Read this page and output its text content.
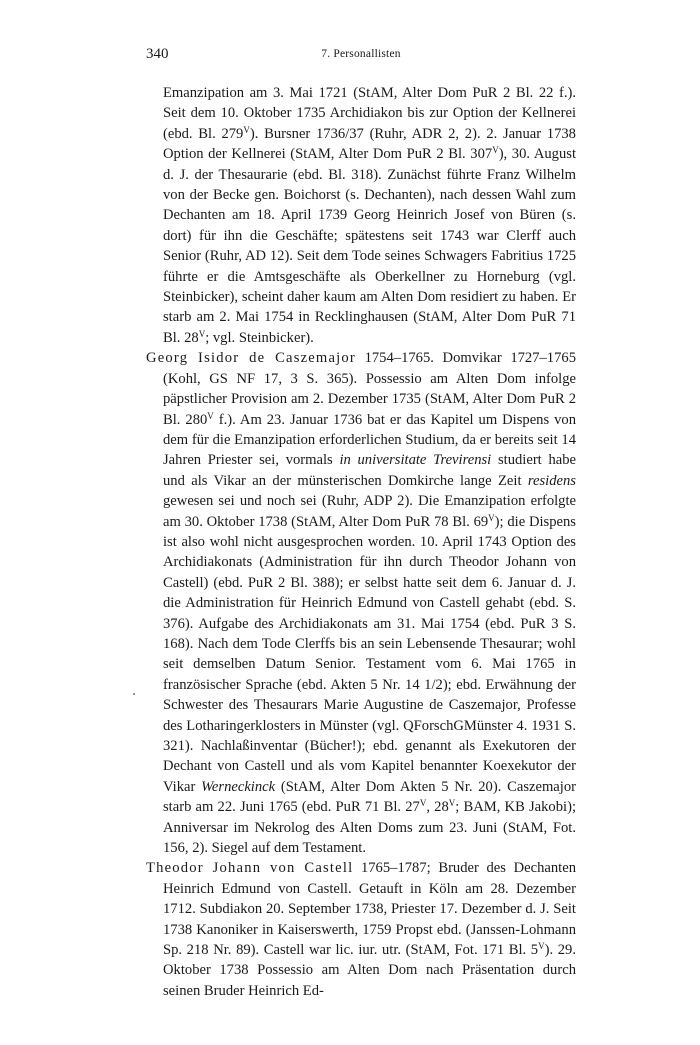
340	7. Personallisten

Emanzipation am 3. Mai 1721 (StAM, Alter Dom PuR 2 Bl. 22 f.). Seit dem 10. Oktober 1735 Archidiakon bis zur Option der Kellnerei (ebd. Bl. $279^V$). Bursner 1736/37 (Ruhr, ADR 2, 2). 2. Januar 1738 Option der Kellnerei (StAM, Alter Dom PuR 2 Bl. $307^V$), 30. August d. J. der Thesaurarie (ebd. Bl. 318). Zunächst führte Franz Wilhelm von der Becke gen. Boichorst (s. Dechanten), nach dessen Wahl zum Dechanten am 18. April 1739 Georg Heinrich Josef von Büren (s. dort) für ihn die Geschäfte; spätestens seit 1743 war Clerff auch Senior (Ruhr, AD 12). Seit dem Tode seines Schwagers Fabritius 1725 führte er die Amtsgeschäfte als Oberkellner zu Horneburg (vgl. Steinbicker), scheint daher kaum am Alten Dom residiert zu haben. Er starb am 2. Mai 1754 in Recklinghausen (StAM, Alter Dom PuR 71 Bl. $28^V$; vgl. Steinbicker).

Georg Isidor de Caszemajor 1754–1765. Domvikar 1727–1765 (Kohl, GS NF 17, 3 S. 365). Possessio am Alten Dom infolge päpstlicher Provision am 2. Dezember 1735 (StAM, Alter Dom PuR 2 Bl. $280^V$ f.). Am 23. Januar 1736 bat er das Kapitel um Dispens von dem für die Emanzipation erforderlichen Studium, da er bereits seit 14 Jahren Priester sei, vormals in universitate Trevirensi studiert habe und als Vikar an der münsterischen Domkirche lange Zeit residens gewesen sei und noch sei (Ruhr, ADP 2). Die Emanzipation erfolgte am 30. Oktober 1738 (StAM, Alter Dom PuR 78 Bl. $69^V$); die Dispens ist also wohl nicht ausgesprochen worden. 10. April 1743 Option des Archidiakonats (Administration für ihn durch Theodor Johann von Castell) (ebd. PuR 2 Bl. 388); er selbst hatte seit dem 6. Januar d. J. die Administration für Heinrich Edmund von Castell gehabt (ebd. S. 376). Aufgabe des Archidiakonats am 31. Mai 1754 (ebd. PuR 3 S. 168). Nach dem Tode Clerffs bis an sein Lebensende Thesaurar; wohl seit demselben Datum Senior. Testament vom 6. Mai 1765 in französischer Sprache (ebd. Akten 5 Nr. 14 1/2); ebd. Erwähnung der Schwester des Thesaurars Marie Augustine de Caszemajor, Professe des Lotharingerklosters in Münster (vgl. QForschGMünster 4. 1931 S. 321). Nachlaßinventar (Bücher!); ebd. genannt als Exekutoren der Dechant von Castell und als vom Kapitel benannter Koexekutor der Vikar Werneckinck (StAM, Alter Dom Akten 5 Nr. 20). Caszemajor starb am 22. Juni 1765 (ebd. PuR 71 Bl. $27^V$, $28^V$; BAM, KB Jakobi); Anniversar im Nekrolog des Alten Doms zum 23. Juni (StAM, Fot. 156, 2). Siegel auf dem Testament.

Theodor Johann von Castell 1765–1787; Bruder des Dechanten Heinrich Edmund von Castell. Getauft in Köln am 28. Dezember 1712. Subdiakon 20. September 1738, Priester 17. Dezember d. J. Seit 1738 Kanoniker in Kaiserswerth, 1759 Propst ebd. (Janssen-Lohmann Sp. 218 Nr. 89). Castell war lic. iur. utr. (StAM, Fot. 171 Bl. $5^V$). 29. Oktober 1738 Possessio am Alten Dom nach Präsentation durch seinen Bruder Heinrich Ed-
